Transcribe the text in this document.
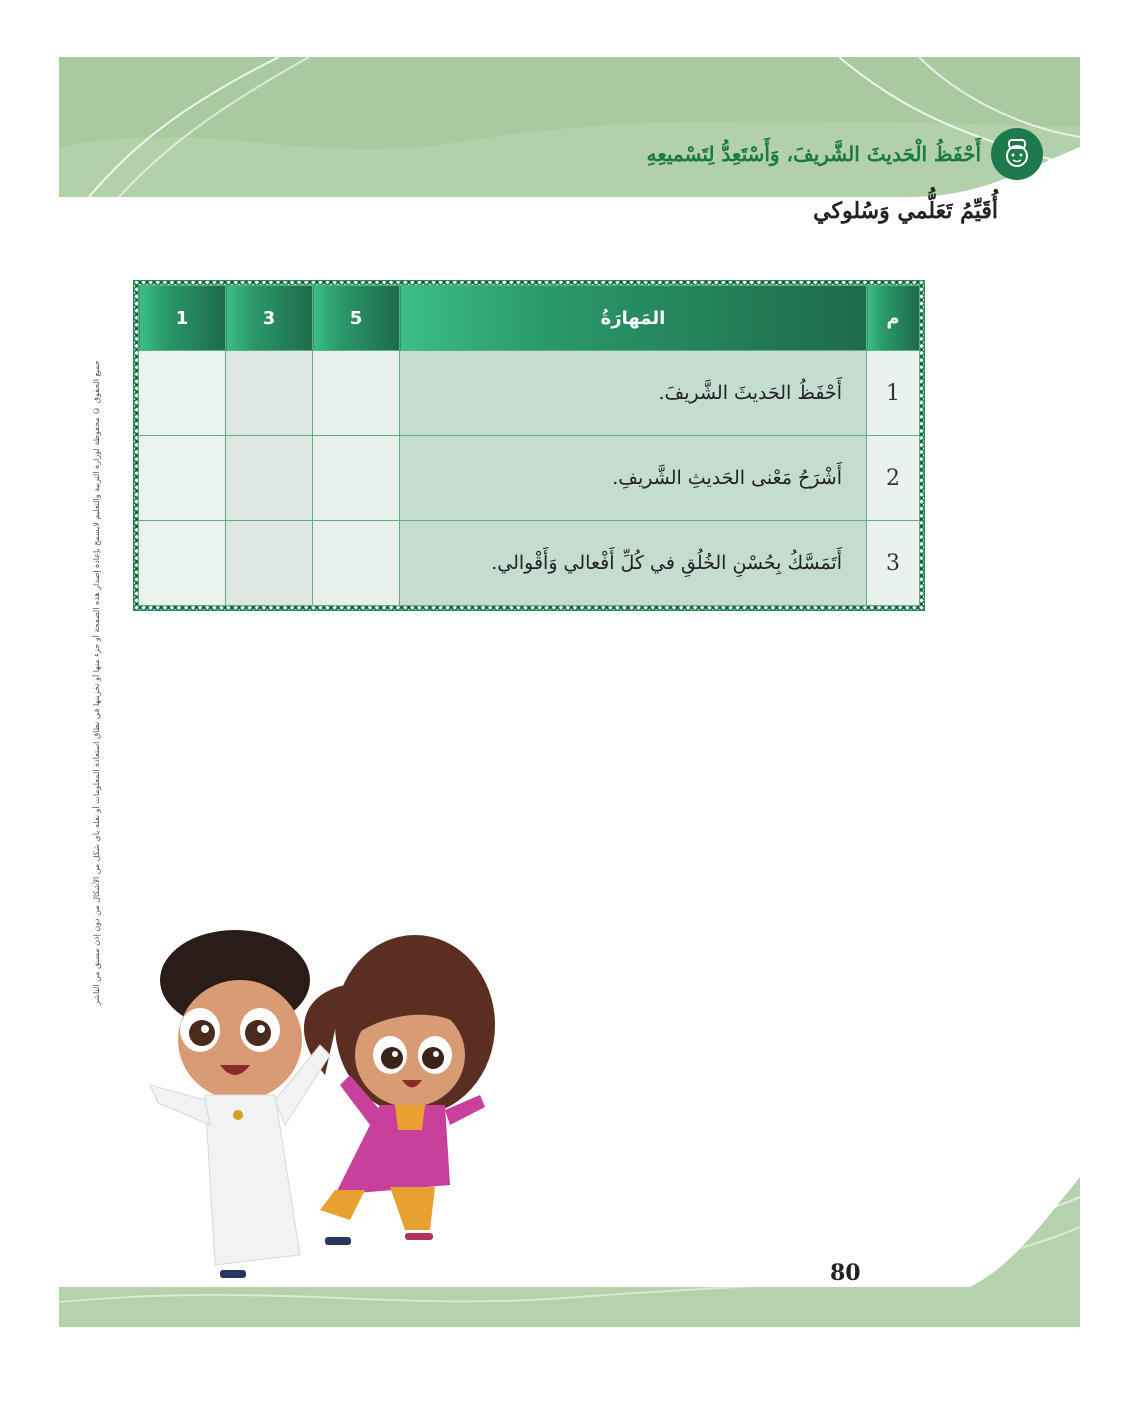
أَحْفَظُ الْحَديثَ الشَّريفَ، وَأَسْتَعِدُّ لِتَسْميعِهِ
أُقَيِّمُ تَعَلُّمي وَسُلوكي
م	المَهارَةُ	5	3	1
1	أَحْفَظُ الحَديثَ الشَّريفَ.			
2	أَشْرَحُ مَعْنى الحَديثِ الشَّريفِ.			
3	أَتَمَسَّكُ بِحُسْنِ الخُلُقِ في كُلِّ أَفْعالي وَأَقْوالي.			
جميع الحقوق © محفوظة لوزارة التربية والتعليم لايسمح بإعادة إصدار هذه الصفحة أو جزء منها أو تخزينها في نطاق استعادة المعلومات أو نقله بأي شكل من الأشكال من دون إذن مسبق من الناشر
80
